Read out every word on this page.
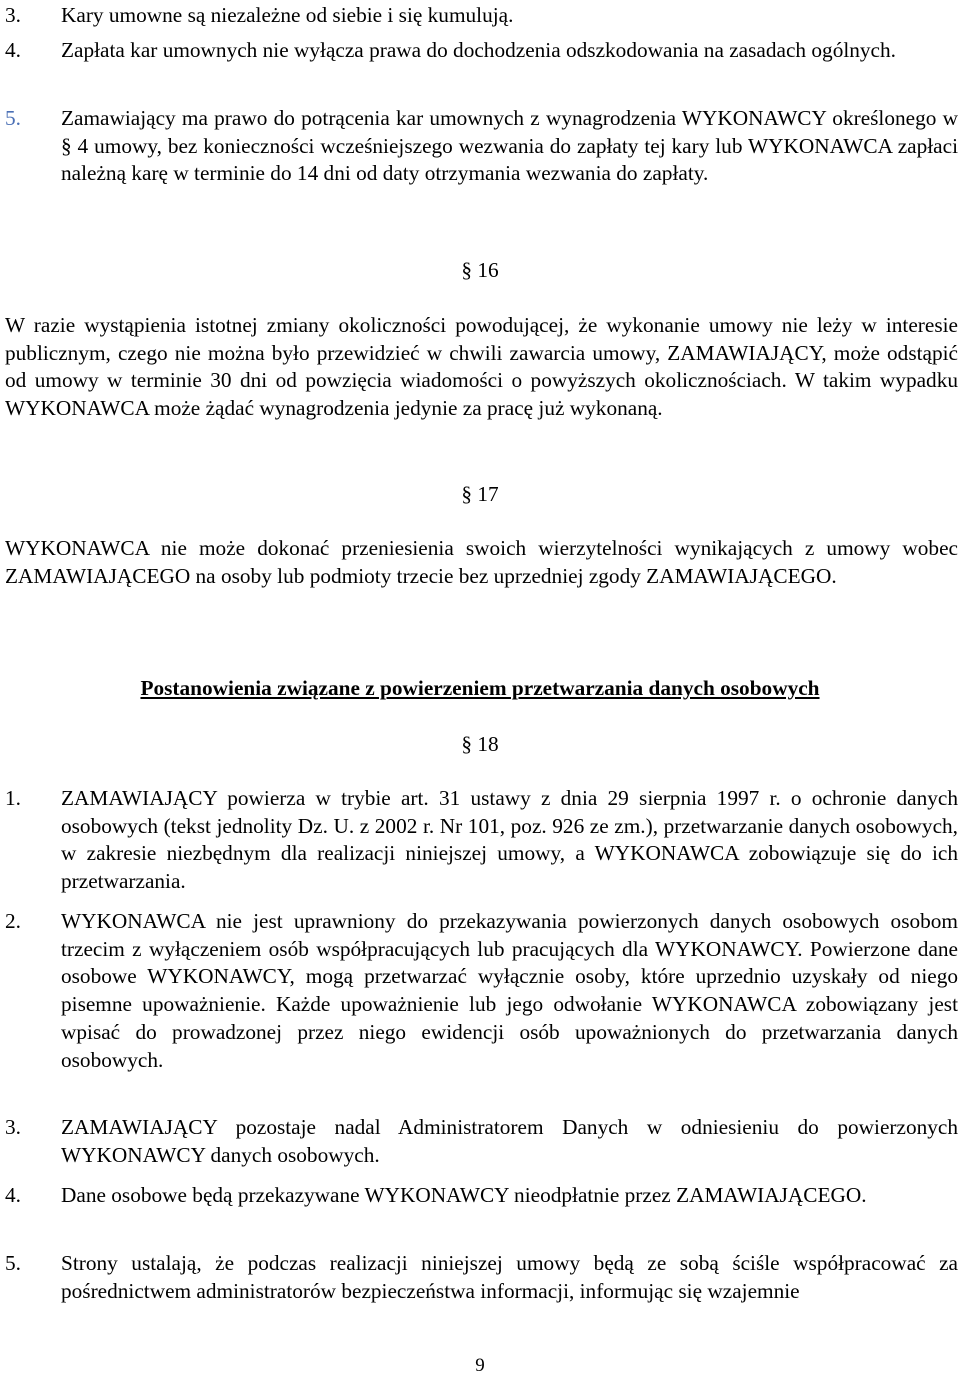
3.	Kary umowne są niezależne od siebie i się kumulują.
4.	Zapłata kar umownych nie wyłącza prawa do dochodzenia odszkodowania na zasadach ogólnych.
5.	Zamawiający ma prawo do potrącenia kar umownych z wynagrodzenia WYKONAWCY określonego w § 4 umowy, bez konieczności wcześniejszego wezwania do zapłaty tej kary lub WYKONAWCA zapłaci należną karę w terminie do 14 dni od daty otrzymania wezwania do zapłaty.
§ 16
W razie wystąpienia istotnej zmiany okoliczności powodującej, że wykonanie umowy nie leży w interesie publicznym, czego nie można było przewidzieć w chwili zawarcia umowy, ZAMAWIAJĄCY, może odstąpić od umowy w terminie 30 dni od powzięcia wiadomości o powyższych okolicznościach. W takim wypadku WYKONAWCA może żądać wynagrodzenia jedynie za pracę już wykonaną.
§ 17
WYKONAWCA nie może dokonać przeniesienia swoich wierzytelności wynikających z umowy wobec ZAMAWIAJĄCEGO na osoby lub podmioty trzecie bez uprzedniej zgody ZAMAWIAJĄCEGO.
Postanowienia związane z powierzeniem przetwarzania danych osobowych
§ 18
1.	ZAMAWIAJĄCY powierza w trybie art. 31 ustawy z dnia 29 sierpnia 1997 r. o ochronie danych osobowych (tekst jednolity Dz. U. z 2002 r. Nr 101, poz. 926 ze zm.), przetwarzanie danych osobowych, w zakresie niezbędnym dla realizacji niniejszej umowy, a WYKONAWCA zobowiązuje się do ich przetwarzania.
2.	WYKONAWCA nie jest uprawniony do przekazywania powierzonych danych osobowych osobom trzecim z wyłączeniem osób współpracujących lub pracujących dla WYKONAWCY. Powierzone dane osobowe WYKONAWCY, mogą przetwarzać wyłącznie osoby, które uprzednio uzyskały od niego pisemne upoważnienie. Każde upoważnienie lub jego odwołanie WYKONAWCA zobowiązany jest wpisać do prowadzonej przez niego ewidencji osób upoważnionych do przetwarzania danych osobowych.
3.	ZAMAWIAJĄCY pozostaje nadal Administratorem Danych w odniesieniu do powierzonych WYKONAWCY danych osobowych.
4.	Dane osobowe będą przekazywane WYKONAWCY nieodpłatnie przez ZAMAWIAJĄCEGO.
5.	Strony ustalają, że podczas realizacji niniejszej umowy będą ze sobą ściśle współpracować za pośrednictwem administratorów bezpieczeństwa informacji, informując się wzajemnie
9
